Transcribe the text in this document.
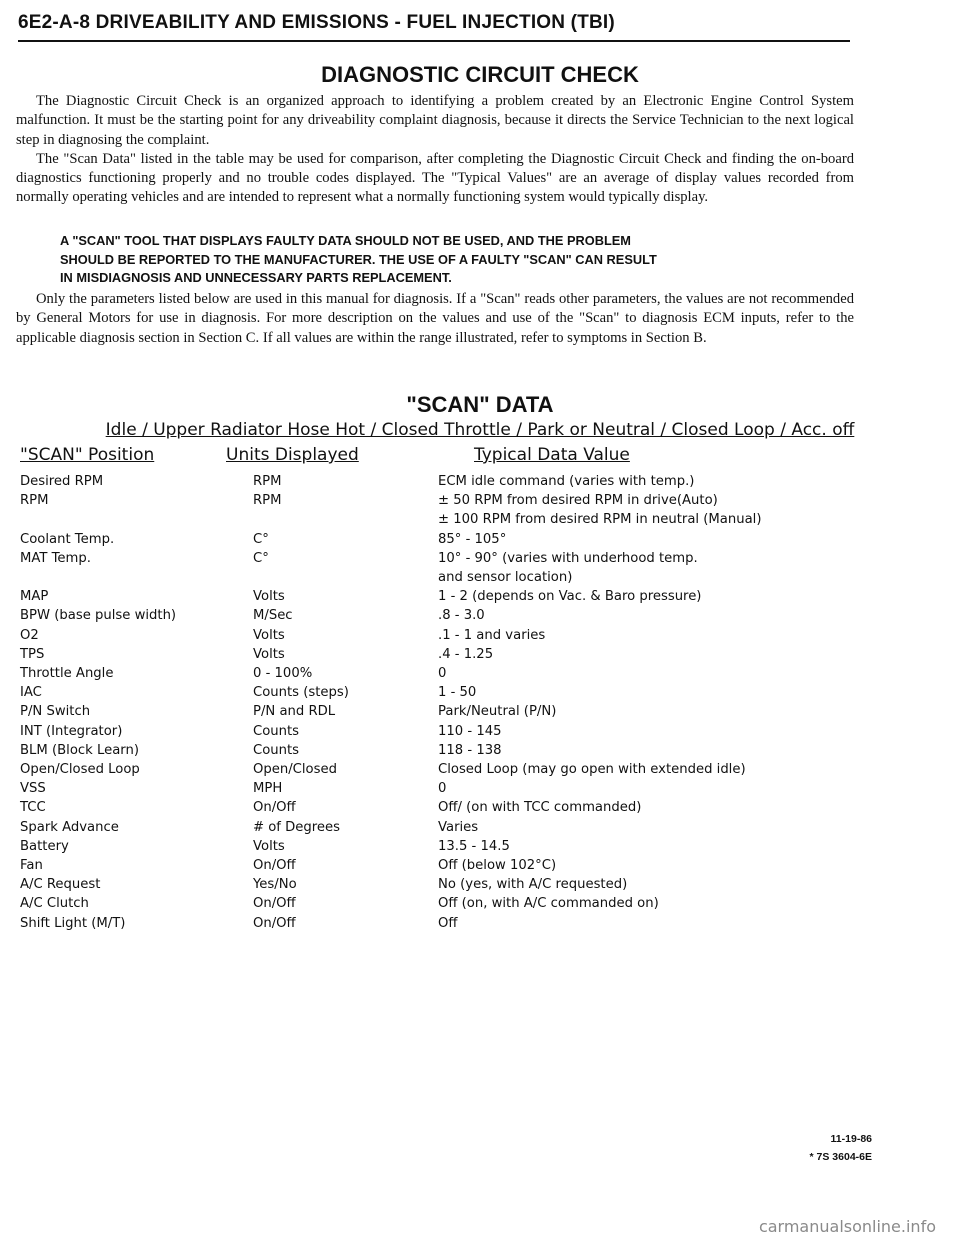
6E2-A-8 DRIVEABILITY AND EMISSIONS - FUEL INJECTION (TBI)
DIAGNOSTIC CIRCUIT CHECK

The Diagnostic Circuit Check is an organized approach to identifying a problem created by an Electronic Engine Control System malfunction. It must be the starting point for any driveability complaint diagnosis, because it directs the Service Technician to the next logical step in diagnosing the complaint.

The "Scan Data" listed in the table may be used for comparison, after completing the Diagnostic Circuit Check and finding the on-board diagnostics functioning properly and no trouble codes displayed. The "Typical Values" are an average of display values recorded from normally operating vehicles and are intended to represent what a normally functioning system would typically display.

A "SCAN" TOOL THAT DISPLAYS FAULTY DATA SHOULD NOT BE USED, AND THE PROBLEM
SHOULD BE REPORTED TO THE MANUFACTURER. THE USE OF A FAULTY "SCAN" CAN RESULT
IN MISDIAGNOSIS AND UNNECESSARY PARTS REPLACEMENT.

Only the parameters listed below are used in this manual for diagnosis. If a "Scan" reads other parameters, the values are not recommended by General Motors for use in diagnosis. For more description on the values and use of the "Scan" to diagnosis ECM inputs, refer to the applicable diagnosis section in Section C. If all values are within the range illustrated, refer to symptoms in Section B.

"SCAN" DATA
Idle / Upper Radiator Hose Hot / Closed Throttle / Park or Neutral / Closed Loop / Acc. off
"SCAN" Position	Units Displayed	Typical Data Value
Desired RPM	RPM	ECM idle command (varies with temp.)
RPM	RPM	± 50 RPM from desired RPM in drive(Auto)
± 100 RPM from desired RPM in neutral (Manual)
Coolant Temp.	C°	85° - 105°
MAT Temp.	C°	10° - 90° (varies with underhood temp.
and sensor location)
MAP	Volts	1 - 2 (depends on Vac. & Baro pressure)
BPW (base pulse width)	M/Sec	.8 - 3.0
O2	Volts	.1 - 1 and varies
TPS	Volts	.4 - 1.25
Throttle Angle	0 - 100%	0
IAC	Counts (steps)	1 - 50
P/N Switch	P/N and RDL	Park/Neutral (P/N)
INT (Integrator)	Counts	110 - 145
BLM (Block Learn)	Counts	118 - 138
Open/Closed Loop	Open/Closed	Closed Loop (may go open with extended idle)
VSS	MPH	0
TCC	On/Off	Off/ (on with TCC commanded)
Spark Advance	# of Degrees	Varies
Battery	Volts	13.5 - 14.5
Fan	On/Off	Off (below 102°C)
A/C Request	Yes/No	No (yes, with A/C requested)
A/C Clutch	On/Off	Off (on, with A/C commanded on)
Shift Light (M/T)	On/Off	Off
11-19-86
* 7S 3604-6E
carmanualsonline.info
